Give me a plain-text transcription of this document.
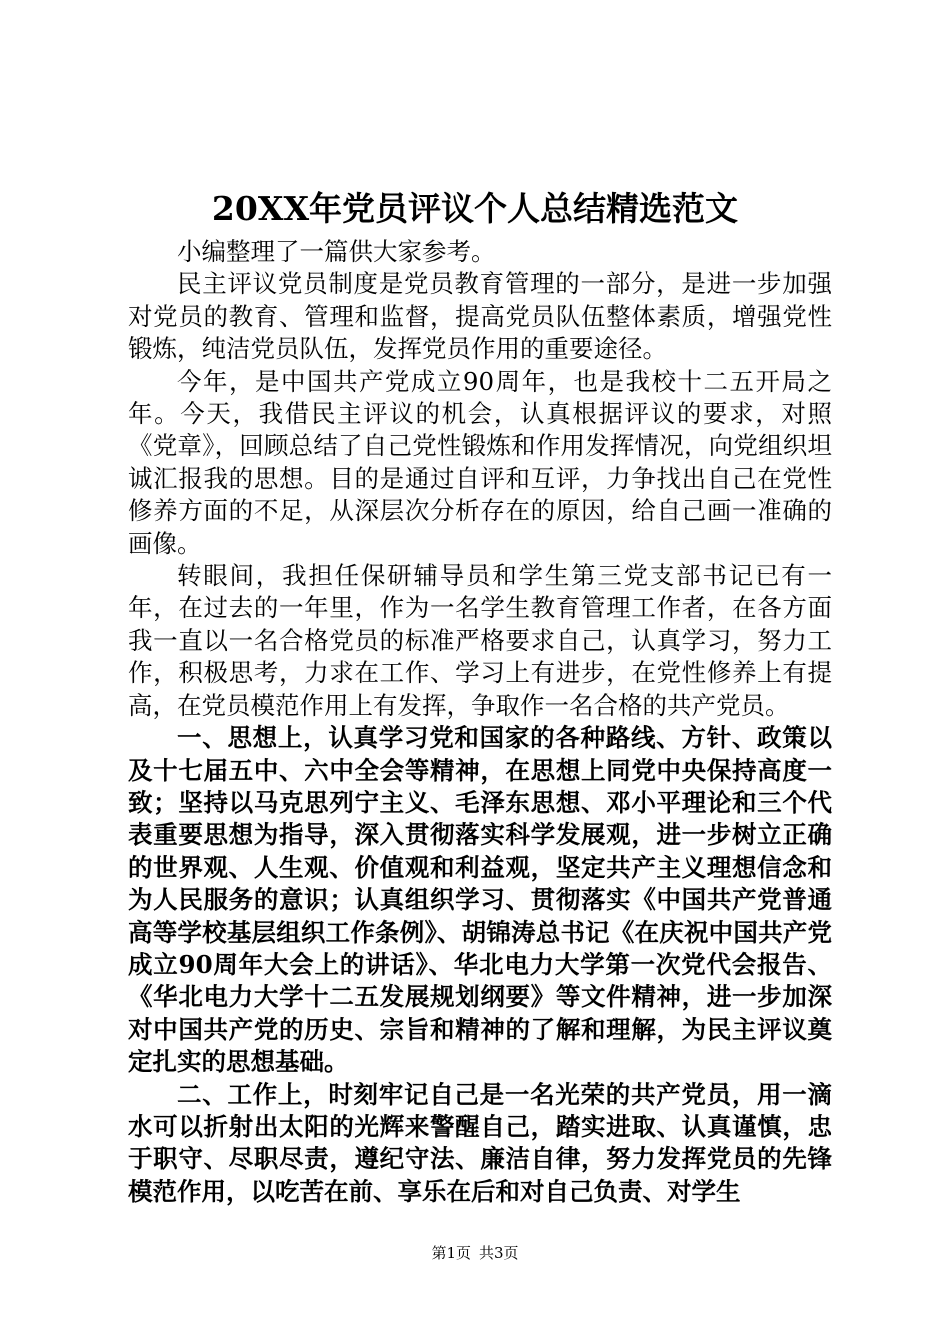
20XX年党员评议个人总结精选范文

小编整理了一篇供大家参考。

民主评议党员制度是党员教育管理的一部分，是进一步加强对党员的教育、管理和监督，提高党员队伍整体素质，增强党性锻炼，纯洁党员队伍，发挥党员作用的重要途径。

今年，是中国共产党成立90周年，也是我校十二五开局之年。今天，我借民主评议的机会，认真根据评议的要求，对照《党章》，回顾总结了自己党性锻炼和作用发挥情况，向党组织坦诚汇报我的思想。目的是通过自评和互评，力争找出自己在党性修养方面的不足，从深层次分析存在的原因，给自己画一准确的画像。

转眼间，我担任保研辅导员和学生第三党支部书记已有一年，在过去的一年里，作为一名学生教育管理工作者，在各方面我一直以一名合格党员的标准严格要求自己，认真学习，努力工作，积极思考，力求在工作、学习上有进步，在党性修养上有提高，在党员模范作用上有发挥，争取作一名合格的共产党员。

一、思想上，认真学习党和国家的各种路线、方针、政策以及十七届五中、六中全会等精神，在思想上同党中央保持高度一致；坚持以马克思列宁主义、毛泽东思想、邓小平理论和三个代表重要思想为指导，深入贯彻落实科学发展观，进一步树立正确的世界观、人生观、价值观和利益观，坚定共产主义理想信念和为人民服务的意识；认真组织学习、贯彻落实《中国共产党普通高等学校基层组织工作条例》、胡锦涛总书记《在庆祝中国共产党成立90周年大会上的讲话》、华北电力大学第一次党代会报告、《华北电力大学十二五发展规划纲要》等文件精神，进一步加深对中国共产党的历史、宗旨和精神的了解和理解，为民主评议奠定扎实的思想基础。

二、工作上，时刻牢记自己是一名光荣的共产党员，用一滴水可以折射出太阳的光辉来警醒自己，踏实进取、认真谨慎，忠于职守、尽职尽责，遵纪守法、廉洁自律，努力发挥党员的先锋模范作用，以吃苦在前、享乐在后和对自己负责、对学生

第1页 共3页
